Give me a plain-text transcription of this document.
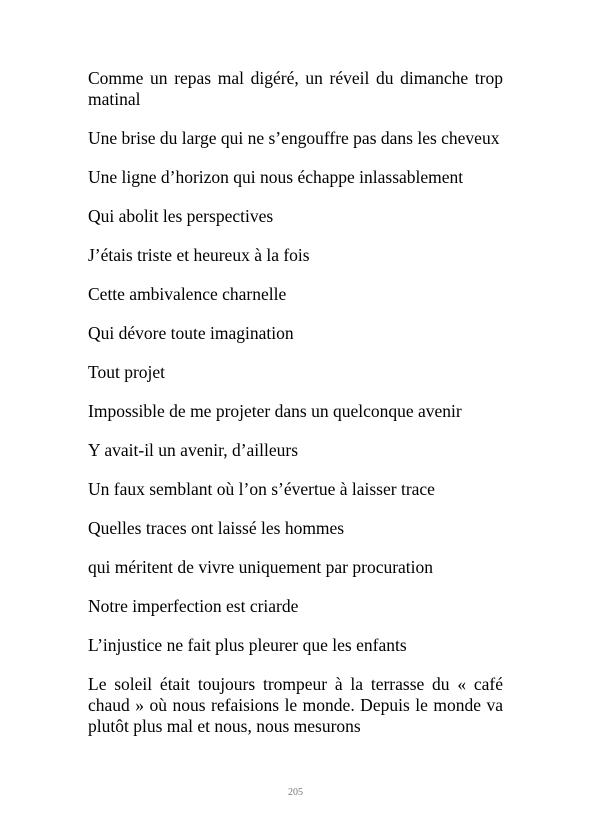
Comme un repas mal digéré, un réveil du dimanche trop matinal

Une brise du large qui ne s’engouffre pas dans les cheveux

Une ligne d’horizon qui nous échappe inlassablement

Qui abolit les perspectives

J’étais triste et heureux à la fois

Cette ambivalence charnelle

Qui dévore toute imagination

Tout projet

Impossible de me projeter dans un quelconque avenir

Y avait-il un avenir, d’ailleurs

Un faux semblant où l’on s’évertue à laisser trace

Quelles traces ont laissé les hommes

qui méritent de vivre uniquement par procuration

Notre imperfection est criarde

L’injustice ne fait plus pleurer que les enfants

Le soleil était toujours trompeur à la terrasse du « café chaud » où nous refaisions le monde. Depuis le monde va plutôt plus mal et nous, nous mesurons

205
